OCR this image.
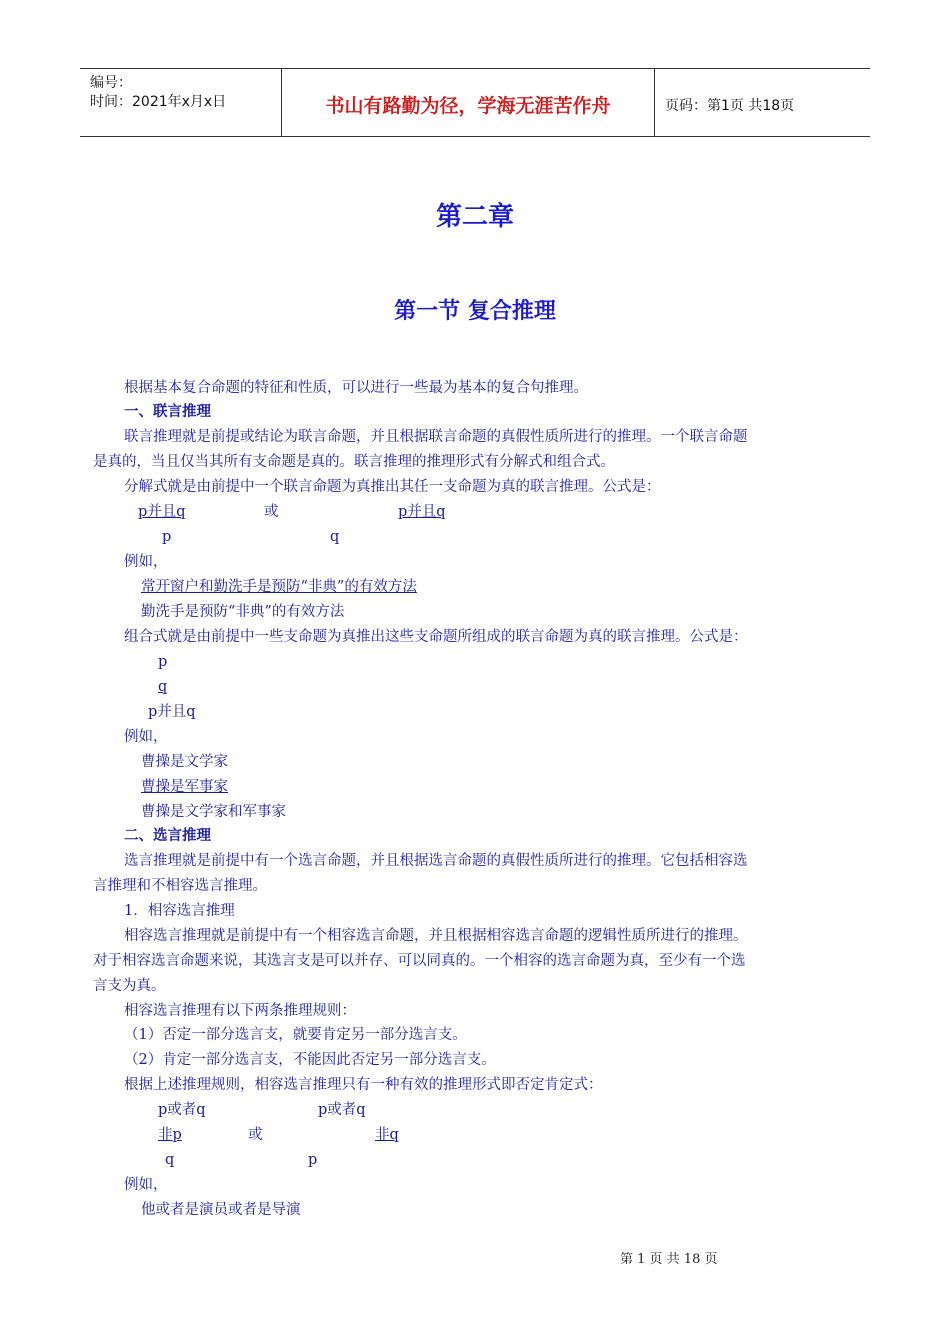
编号：
时间：2021年x月x日	书山有路勤为径，学海无涯苦作舟	页码：第1页 共18页
第二章
第一节 复合推理
根据基本复合命题的特征和性质，可以进行一些最为基本的复合句推理。
一、联言推理
联言推理就是前提或结论为联言命题，并且根据联言命题的真假性质所进行的推理。一个联言命题
是真的，当且仅当其所有支命题是真的。联言推理的推理形式有分解式和组合式。
分解式就是由前提中一个联言命题为真推出其任一支命题为真的联言推理。公式是：
p并且q	或	p并且q
p	q
例如，
常开窗户和勤洗手是预防“非典”的有效方法
勤洗手是预防“非典”的有效方法
组合式就是由前提中一些支命题为真推出这些支命题所组成的联言命题为真的联言推理。公式是：
p
q
p并且q
例如，
曹操是文学家
曹操是军事家
曹操是文学家和军事家
二、选言推理
选言推理就是前提中有一个选言命题，并且根据选言命题的真假性质所进行的推理。它包括相容选
言推理和不相容选言推理。
1．相容选言推理
相容选言推理就是前提中有一个相容选言命题，并且根据相容选言命题的逻辑性质所进行的推理。
对于相容选言命题来说，其选言支是可以并存、可以同真的。一个相容的选言命题为真，至少有一个选
言支为真。
相容选言推理有以下两条推理规则：
（1）否定一部分选言支，就要肯定另一部分选言支。
（2）肯定一部分选言支，不能因此否定另一部分选言支。
根据上述推理规则，相容选言推理只有一种有效的推理形式即否定肯定式：
p或者q	p或者q
非p	或	非q
q	p
例如，
他或者是演员或者是导演
第 1 页 共 18 页
